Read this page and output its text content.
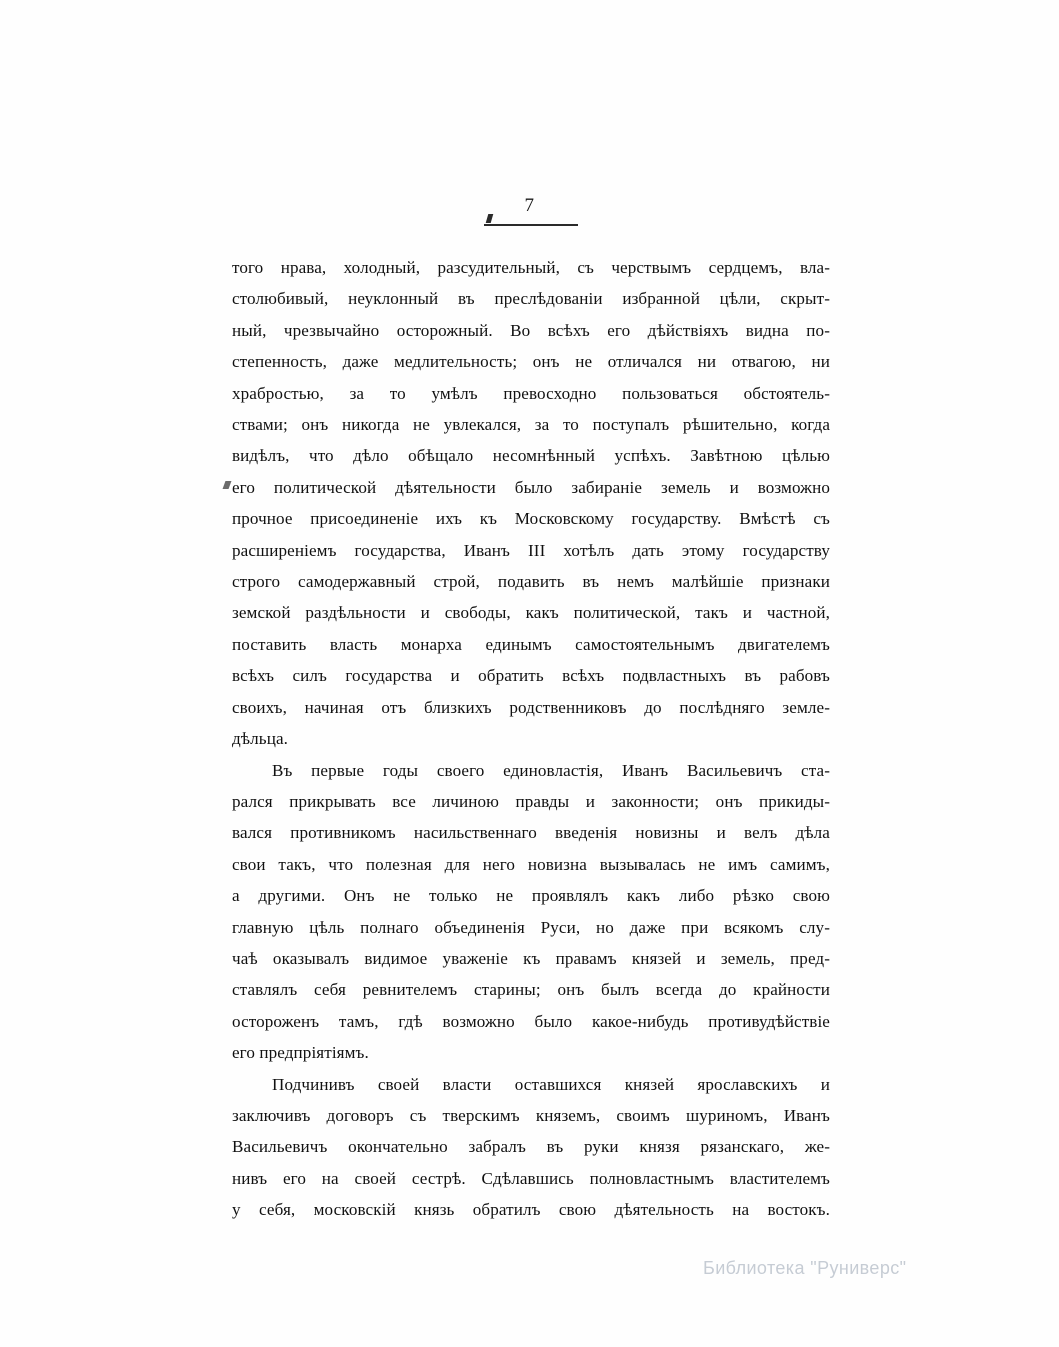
7

того нрава, холодный, разсудительный, съ черствымъ сердцемъ, вла-
столюбивый, неуклонный въ преслѣдованіи избранной цѣли, скрыт-
ный, чрезвычайно осторожный. Во всѣхъ его дѣйствіяхъ видна по-
степенность, даже медлительность; онъ не отличался ни отвагою, ни
храбростью, за то умѣлъ превосходно пользоваться обстоятель-
ствами; онъ никогда не увлекался, за то поступалъ рѣшительно, когда
видѣлъ, что дѣло обѣщало несомнѣнный успѣхъ. Завѣтною цѣлью
его политической дѣятельности было забираніе земель и возможно
прочное присоединеніе ихъ къ Московскому государству. Вмѣстѣ съ
расширеніемъ государства, Иванъ III хотѣлъ дать этому государству
строго самодержавный строй, подавить въ немъ малѣйшіе признаки
земской раздѣльности и свободы, какъ политической, такъ и частной,
поставить власть монарха единымъ самостоятельнымъ двигателемъ
всѣхъ силъ государства и обратить всѣхъ подвластныхъ въ рабовъ
своихъ, начиная отъ близкихъ родственниковъ до послѣдняго земле-
дѣльца.

Въ первые годы своего единовластія, Иванъ Васильевичъ ста-
рался прикрывать все личиною правды и законности; онъ прикиды-
вался противникомъ насильственнаго введенія новизны и велъ дѣла
свои такъ, что полезная для него новизна вызывалась не имъ самимъ,
а другими. Онъ не только не проявлялъ какъ либо рѣзко свою
главную цѣль полнаго объединенія Руси, но даже при всякомъ слу-
чаѣ оказывалъ видимое уваженіе къ правамъ князей и земель, пред-
ставлялъ себя ревнителемъ старины; онъ былъ всегда до крайности
остороженъ тамъ, гдѣ возможно было какое-нибудь противудѣйствіе
его предпріятіямъ.

Подчинивъ своей власти оставшихся князей ярославскихъ и
заключивъ договоръ съ тверскимъ княземъ, своимъ шуриномъ, Иванъ
Васильевичъ окончательно забралъ въ руки князя рязанскаго, же-
нивъ его на своей сестрѣ. Сдѣлавшись полновластнымъ властителемъ
у себя, московскій князь обратилъ свою дѣятельность на востокъ.

Библиотека "Руниверс"
